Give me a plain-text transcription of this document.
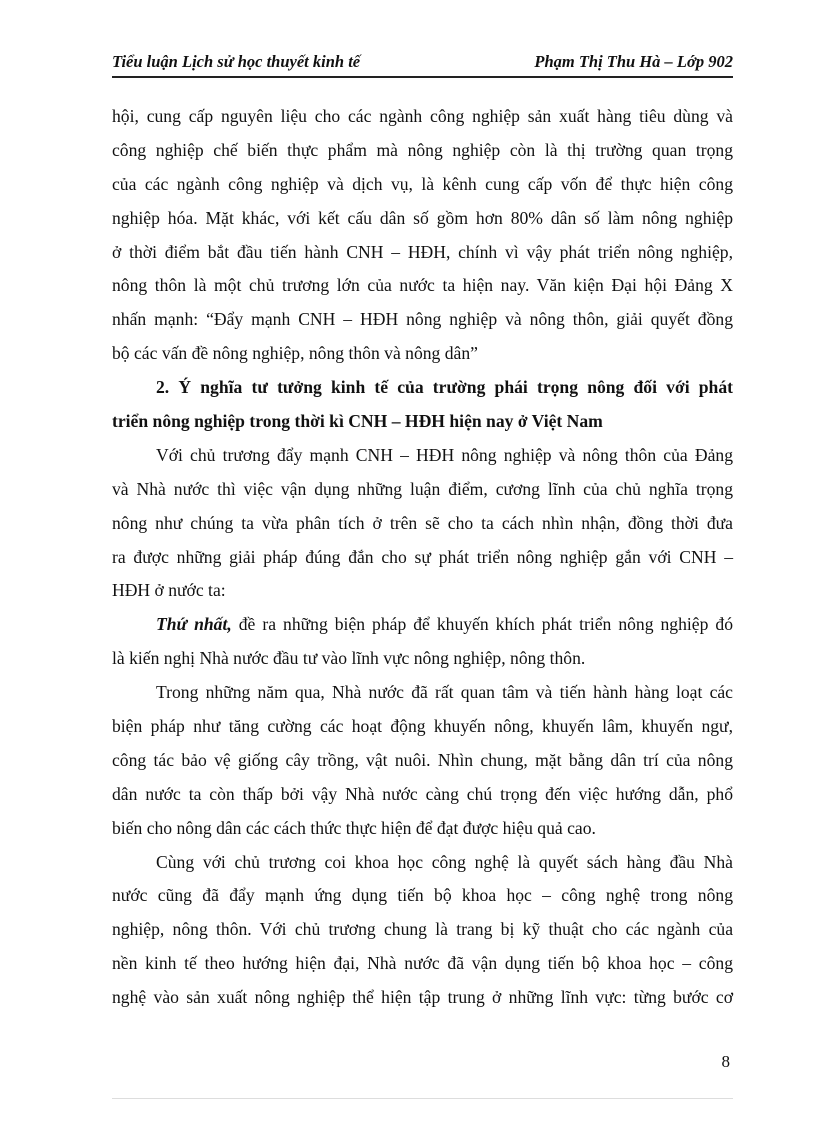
Tiểu luận Lịch sử học thuyết kinh tế	Phạm Thị Thu Hà – Lớp 902
hội, cung cấp nguyên liệu cho các ngành công nghiệp sản xuất hàng tiêu dùng và
công nghiệp chế biến thực phẩm mà nông nghiệp còn là thị trường quan trọng
của các ngành công nghiệp và dịch vụ, là kênh cung cấp vốn để thực hiện công
nghiệp hóa. Mặt khác, với kết cấu dân số gồm hơn 80% dân số làm nông nghiệp
ở thời điểm bắt đầu tiến hành CNH – HĐH, chính vì vậy phát triển nông nghiệp,
nông thôn là một chủ trương lớn của nước ta hiện nay. Văn kiện Đại hội Đảng X
nhấn mạnh: “Đẩy mạnh CNH – HĐH nông nghiệp và nông thôn, giải quyết đồng
bộ các vấn đề nông nghiệp, nông thôn và nông dân”
2. Ý nghĩa tư tưởng kinh tế của trường phái trọng nông đối với phát
triển nông nghiệp trong thời kì CNH – HĐH hiện nay ở Việt Nam
Với chủ trương đẩy mạnh CNH – HĐH nông nghiệp và nông thôn của Đảng
và Nhà nước thì việc vận dụng những luận điểm, cương lĩnh của chủ nghĩa trọng
nông như chúng ta vừa phân tích ở trên sẽ cho ta cách nhìn nhận, đồng thời đưa
ra được những giải pháp đúng đắn cho sự phát triển nông nghiệp gắn với CNH –
HĐH ở nước ta:
Thứ nhất, đề ra những biện pháp để khuyến khích phát triển nông nghiệp đó
là kiến nghị Nhà nước đầu tư vào lĩnh vực nông nghiệp, nông thôn.
Trong những năm qua, Nhà nước đã rất quan tâm và tiến hành hàng loạt các
biện pháp như tăng cường các hoạt động khuyến nông, khuyến lâm, khuyến ngư,
công tác bảo vệ giống cây trồng, vật nuôi. Nhìn chung, mặt bằng dân trí của nông
dân nước ta còn thấp bởi vậy Nhà nước càng chú trọng đến việc hướng dẫn, phổ
biến cho nông dân các cách thức thực hiện để đạt được hiệu quả cao.
Cùng với chủ trương coi khoa học công nghệ là quyết sách hàng đầu Nhà
nước cũng đã đẩy mạnh ứng dụng tiến bộ khoa học – công nghệ trong nông
nghiệp, nông thôn. Với chủ trương chung là trang bị kỹ thuật cho các ngành của
nền kinh tế theo hướng hiện đại, Nhà nước đã vận dụng tiến bộ khoa học – công
nghệ vào sản xuất nông nghiệp thể hiện tập trung ở những lĩnh vực: từng bước cơ
8
